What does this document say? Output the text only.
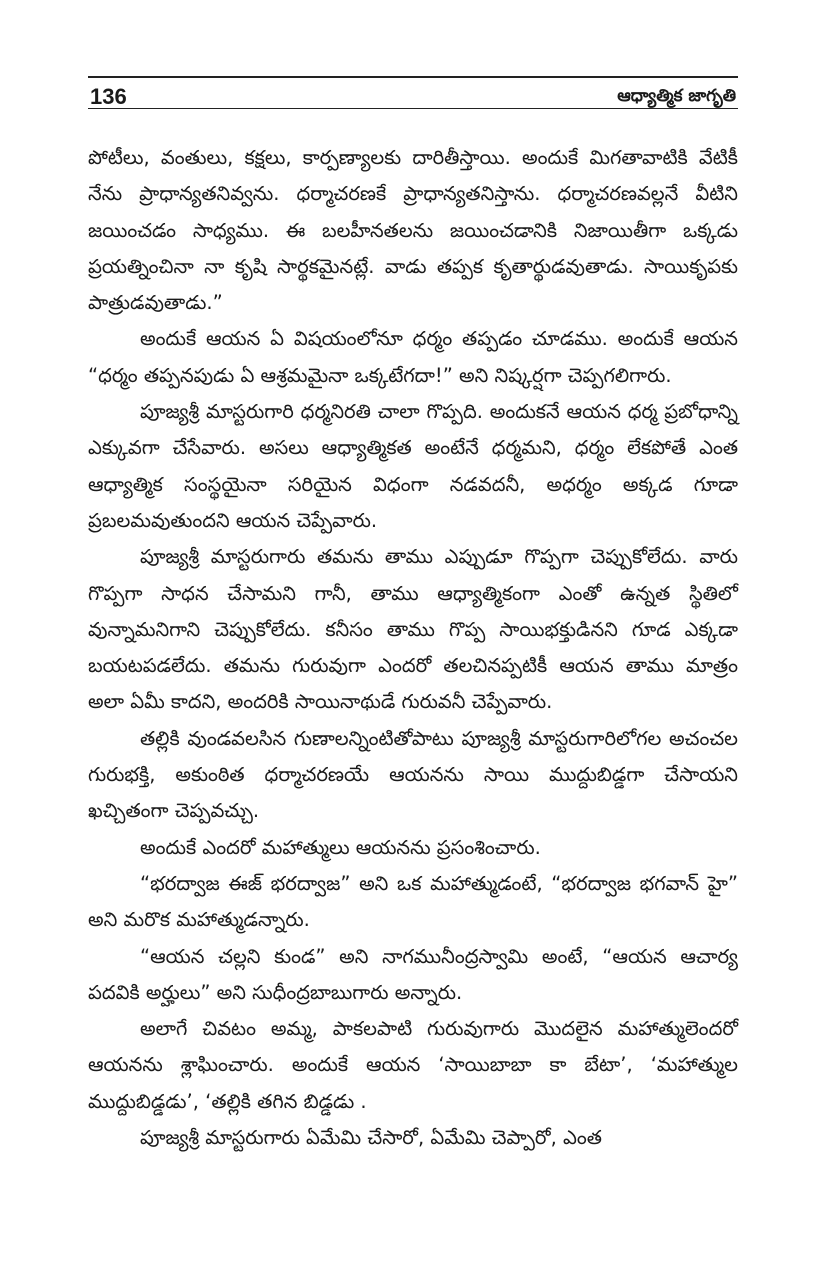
136	ఆధ్యాత్మిక జాగృతి

పోటీలు, వంతులు, కక్షలు, కార్పణ్యాలకు దారితీస్తాయి. అందుకే మిగతావాటికి వేటికీ నేను ప్రాధాన్యతనివ్వను. ధర్మాచరణకే ప్రాధాన్యతనిస్తాను. ధర్మాచరణవల్లనే వీటిని జయించడం సాధ్యము. ఈ బలహీనతలను జయించడానికి నిజాయితీగా ఒక్కడు ప్రయత్నించినా నా కృషి సార్థకమైనట్లే. వాడు తప్పక కృతార్థుడవుతాడు. సాయికృపకు పాత్రుడవుతాడు.”

అందుకే ఆయన ఏ విషయంలోనూ ధర్మం తప్పడం చూడము. అందుకే ఆయన “ధర్మం తప్పనపుడు ఏ ఆశ్రమమైనా ఒక్కటేగదా!” అని నిష్కర్షగా చెప్పగలిగారు.

పూజ్యశ్రీ మాస్టరుగారి ధర్మనిరతి చాలా గొప్పది. అందుకనే ఆయన ధర్మ ప్రబోధాన్ని ఎక్కువగా చేసేవారు. అసలు ఆధ్యాత్మికత అంటేనే ధర్మమని, ధర్మం లేకపోతే ఎంత ఆధ్యాత్మిక సంస్థయైనా సరియైన విధంగా నడవదనీ, అధర్మం అక్కడ గూడా ప్రబలమవుతుందని ఆయన చెప్పేవారు.

పూజ్యశ్రీ మాస్టరుగారు తమను తాము ఎప్పుడూ గొప్పగా చెప్పుకోలేదు. వారు గొప్పగా సాధన చేసామని గానీ, తాము ఆధ్యాత్మికంగా ఎంతో ఉన్నత స్థితిలో వున్నామనిగాని చెప్పుకోలేదు. కనీసం తాము గొప్ప సాయిభక్తుడినని గూడ ఎక్కడా బయటపడలేదు. తమను గురువుగా ఎందరో తలచినప్పటికీ ఆయన తాము మాత్రం అలా ఏమీ కాదని, అందరికి సాయినాథుడే గురువనీ చెప్పేవారు.

తల్లికి వుండవలసిన గుణాలన్నింటితోపాటు పూజ్యశ్రీ మాస్టరుగారిలోగల అచంచల గురుభక్తి, అకుంఠిత ధర్మాచరణయే ఆయనను సాయి ముద్దుబిడ్డగా చేసాయని ఖచ్చితంగా చెప్పవచ్చు.

అందుకే ఎందరో మహాత్ములు ఆయనను ప్రసంశించారు.

“భరద్వాజ ఈజ్ భరద్వాజ” అని ఒక మహాత్ముడంటే, “భరద్వాజ భగవాన్ హై” అని మరొక మహాత్ముడన్నారు.

“ఆయన చల్లని కుండ” అని నాగమునీంద్రస్వామి అంటే, “ఆయన ఆచార్య పదవికి అర్హులు” అని సుధీంద్రబాబుగారు అన్నారు.

అలాగే చివటం అమ్మ, పాకలపాటి గురువుగారు మొదలైన మహాత్ములెందరో ఆయనను శ్లాఘించారు. అందుకే ఆయన ‘సాయిబాబా కా బేటా’, ‘మహాత్ముల ముద్దుబిడ్డడు’, ‘తల్లికి తగిన బిడ్డడు .

పూజ్యశ్రీ మాస్టరుగారు ఏమేమి చేసారో, ఏమేమి చెప్పారో, ఎంత
